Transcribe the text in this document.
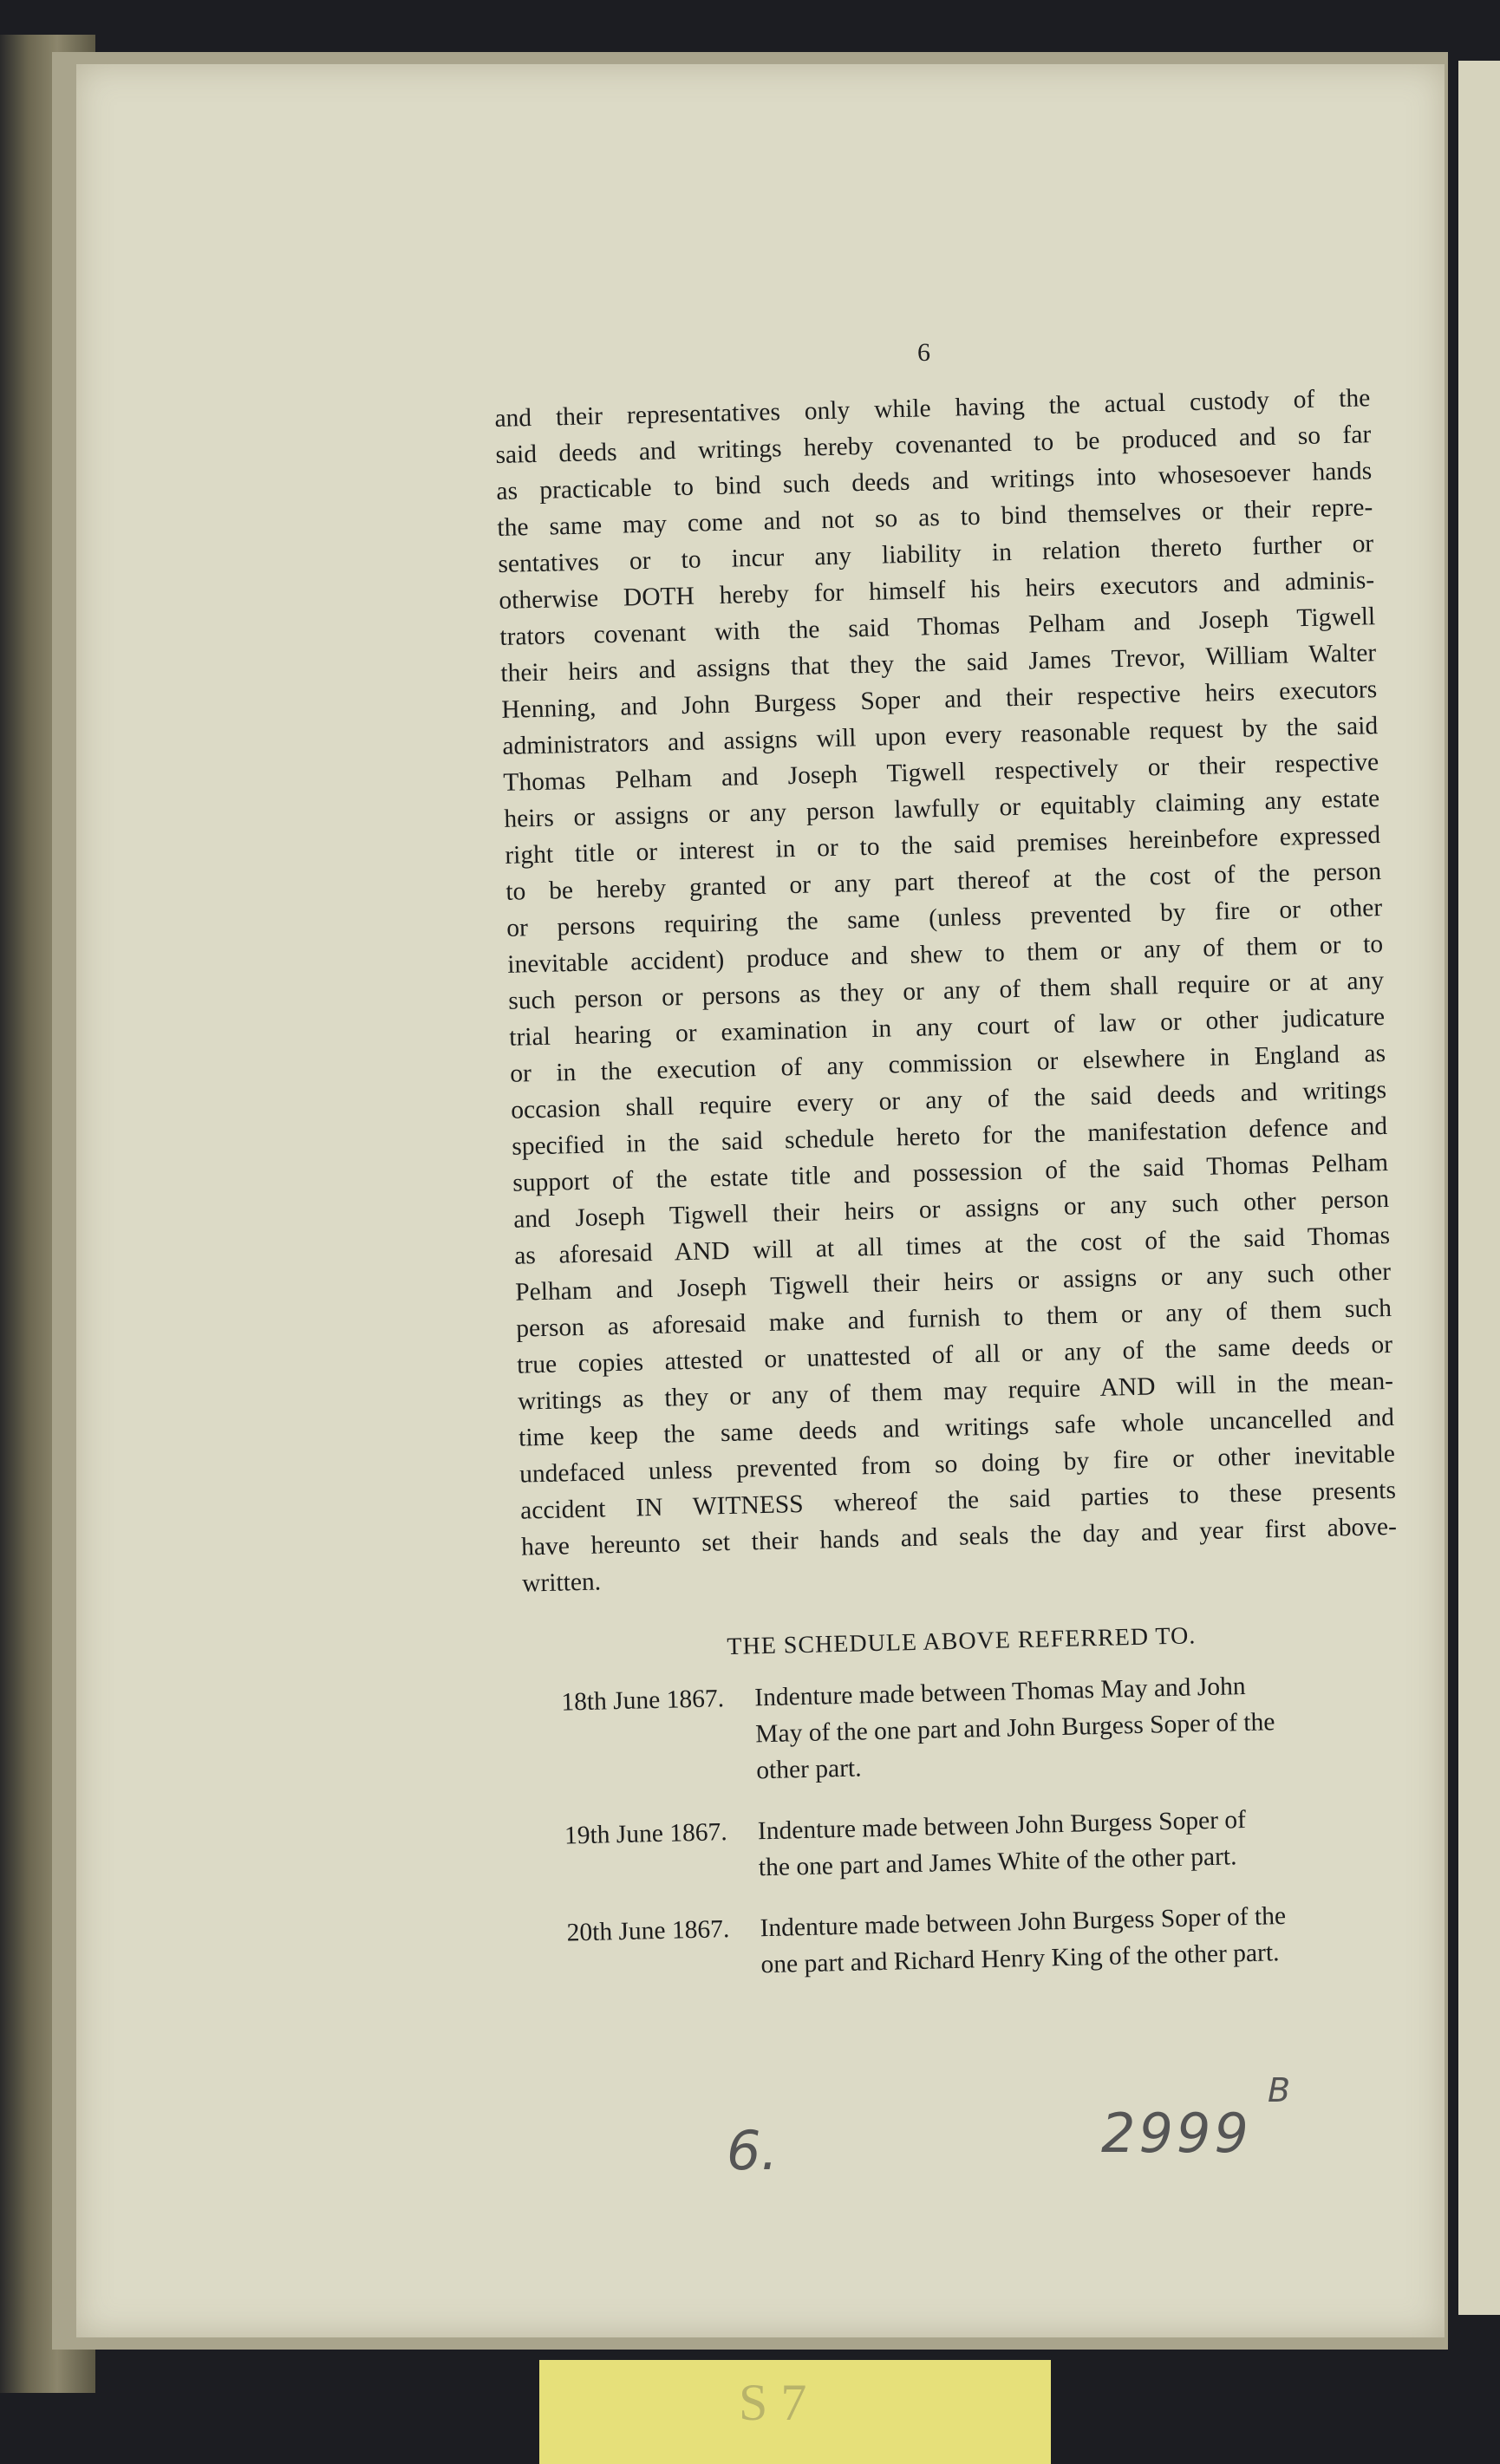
6
and their representatives only while having the actual custody of the
said deeds and writings hereby covenanted to be produced and so far
as practicable to bind such deeds and writings into whosesoever hands
the same may come and not so as to bind themselves or their repre-
sentatives or to incur any liability in relation thereto further or
otherwise DOTH hereby for himself his heirs executors and adminis-
trators covenant with the said Thomas Pelham and Joseph Tigwell
their heirs and assigns that they the said James Trevor, William Walter
Henning, and John Burgess Soper and their respective heirs executors
administrators and assigns will upon every reasonable request by the said
Thomas Pelham and Joseph Tigwell respectively or their respective
heirs or assigns or any person lawfully or equitably claiming any estate
right title or interest in or to the said premises hereinbefore expressed
to be hereby granted or any part thereof at the cost of the person
or persons requiring the same (unless prevented by fire or other
inevitable accident) produce and shew to them or any of them or to
such person or persons as they or any of them shall require or at any
trial hearing or examination in any court of law or other judicature
or in the execution of any commission or elsewhere in England as
occasion shall require every or any of the said deeds and writings
specified in the said schedule hereto for the manifestation defence and
support of the estate title and possession of the said Thomas Pelham
and Joseph Tigwell their heirs or assigns or any such other person
as aforesaid AND will at all times at the cost of the said Thomas
Pelham and Joseph Tigwell their heirs or assigns or any such other
person as aforesaid make and furnish to them or any of them such
true copies attested or unattested of all or any of the same deeds or
writings as they or any of them may require AND will in the mean-
time keep the same deeds and writings safe whole uncancelled and
undefaced unless prevented from so doing by fire or other inevitable
accident IN WITNESS whereof the said parties to these presents
have hereunto set their hands and seals the day and year first above-
written.
THE SCHEDULE ABOVE REFERRED TO.
18th June 1867.	Indenture made between Thomas May and John
May of the one part and John Burgess Soper of the
other part.
19th June 1867.	Indenture made between John Burgess Soper of
the one part and James White of the other part.
20th June 1867.	Indenture made between John Burgess Soper of the
one part and Richard Henry King of the other part.
6.	2999
B
S 7
